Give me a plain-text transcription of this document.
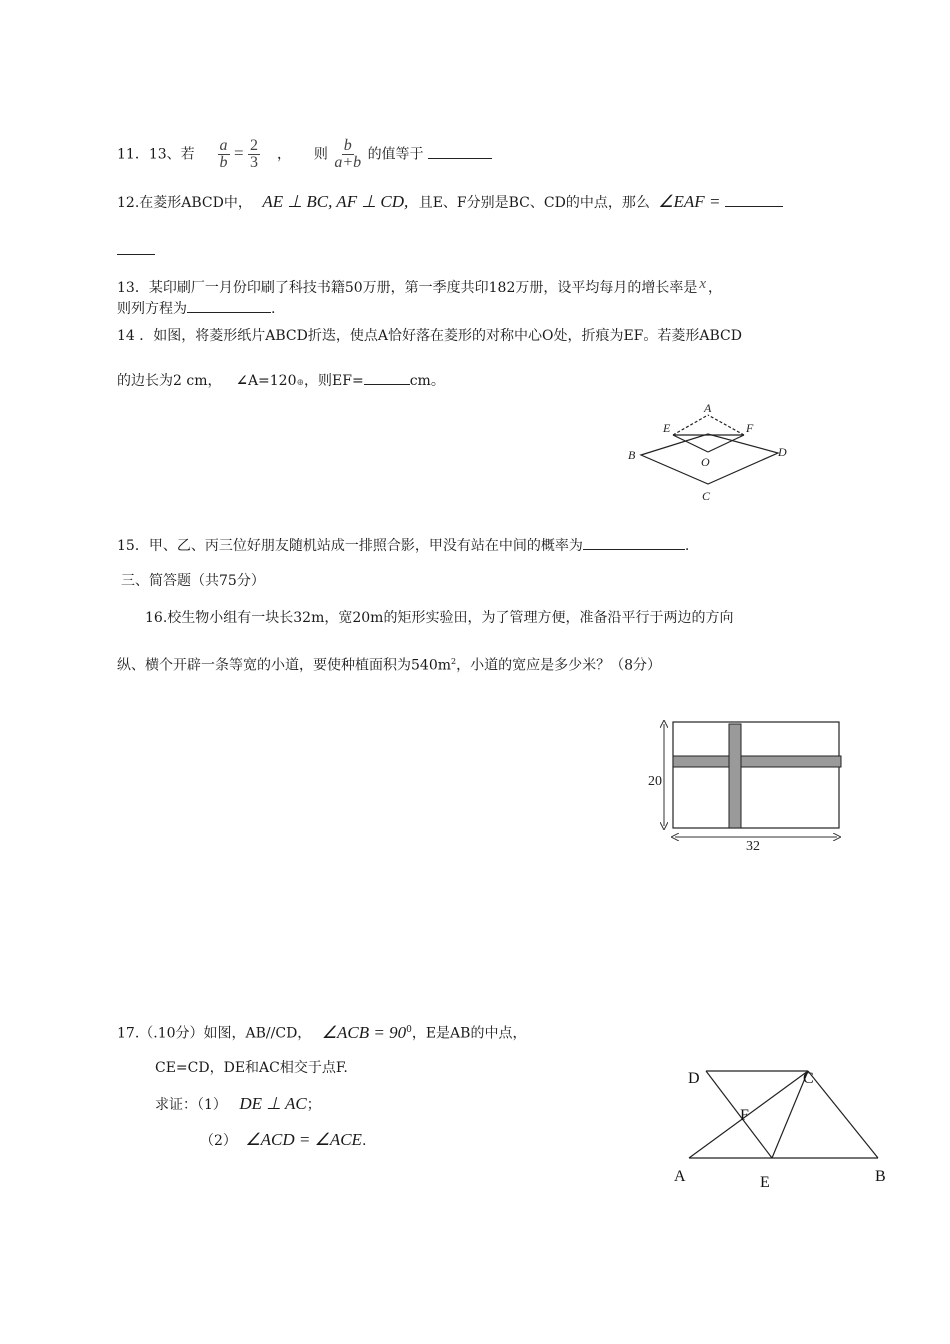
11．13、若 $\frac{a}{b} = \frac{2}{3}$ ， 则 $\frac{b}{a+b}$ 的值等于
12.在菱形ABCD中， AE ⊥ BC, AF ⊥ CD, 且E、F分别是BC、CD的中点，那么 ∠EAF =
13．某印刷厂一月份印刷了科技书籍50万册，第一季度共印182万册，设平均每月的增长率是 x ，
则列方程为	.
14 ．如图，将菱形纸片ABCD折迭，使点A恰好落在菱形的对称中心O处，折痕为EF。若菱形ABCD
的边长为2 cm， ∠A=120⊕，则EF=	cm。
A
E	F
B	D
O
C
15．甲、乙、丙三位好朋友随机站成一排照合影，甲没有站在中间的概率为	.
三、简答题（共75分）
16.校生物小组有一块长32m，宽20m的矩形实验田，为了管理方便，准备沿平行于两边的方向
纵、横个开辟一条等宽的小道，要使种植面积为$540m^2$，小道的宽应是多少米？（8分）
20
32
17.（.10分）如图，AB//CD， ∠ACB = $90^0$，E是AB的中点，
CE=CD，DE和AC相交于点F.
求证：（1） DE ⊥ AC；
（2） ∠ACD = ∠ACE.
D	C
F
A	E	B
